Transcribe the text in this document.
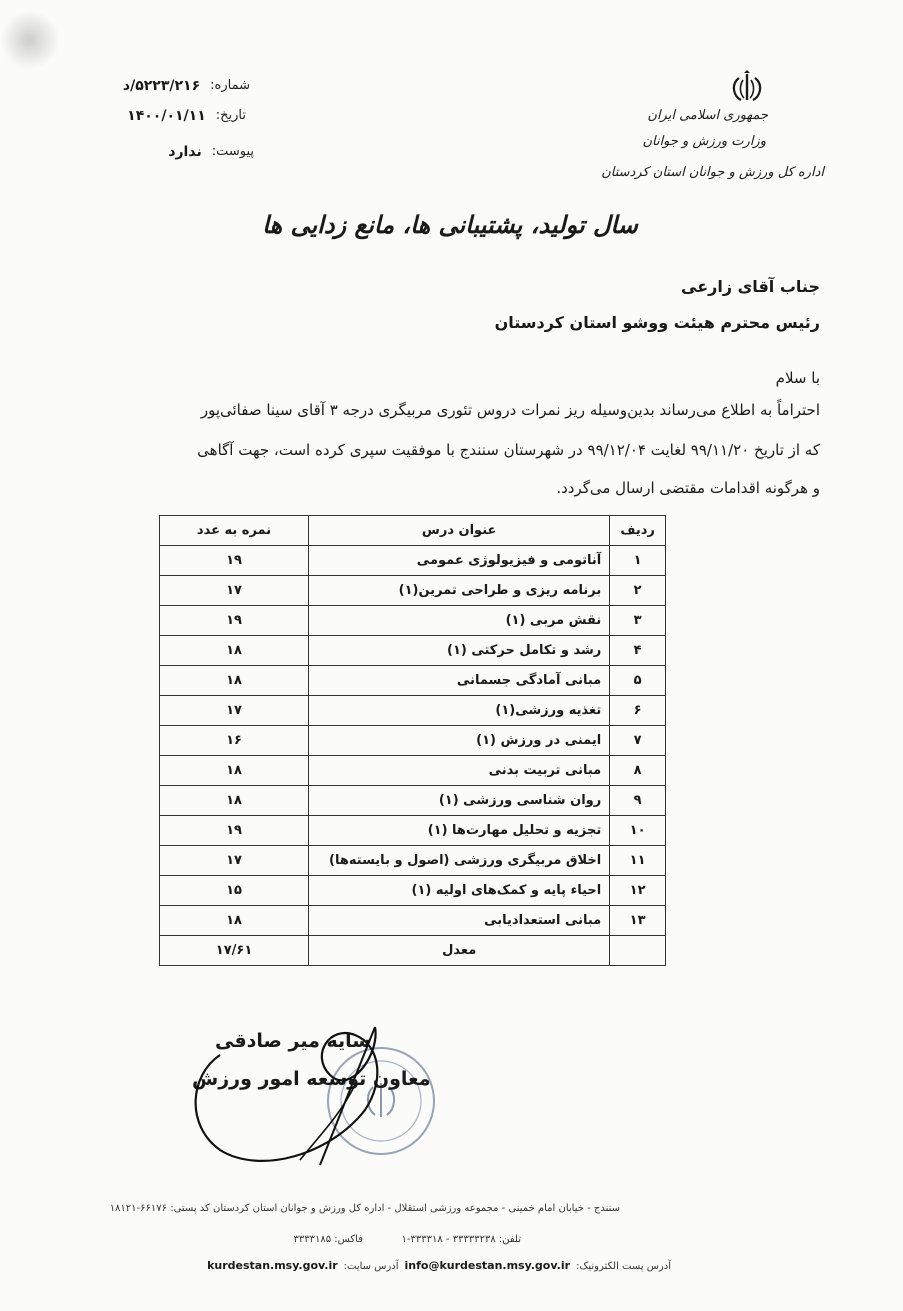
جمهوری اسلامی ایران
وزارت ورزش و جوانان
اداره کل ورزش و جوانان استان کردستان
شماره:
۵۲۲۳/۲۱۶/د
تاریخ:
۱۴۰۰/۰۱/۱۱
پیوست:
ندارد
سال تولید، پشتیبانی ها، مانع زدایی ها
جناب آقای زارعی
رئیس محترم هیئت ووشو استان کردستان
با سلام
احتراماً به اطلاع می‌رساند بدین‌وسیله ریز نمرات دروس تئوری مربیگری درجه ۳ آقای سینا صفائی‌پور
که از تاریخ ۹۹/۱۱/۲۰ لغایت ۹۹/۱۲/۰۴ در شهرستان سنندج با موفقیت سپری کرده است، جهت آگاهی
و هرگونه اقدامات مقتضی ارسال می‌گردد.
ردیف	عنوان درس	نمره به عدد
۱	آناتومی و فیزیولوژی عمومی	۱۹
۲	برنامه ریزی و طراحی تمرین(۱)	۱۷
۳	نقش مربی (۱)	۱۹
۴	رشد و تکامل حرکتی (۱)	۱۸
۵	مبانی آمادگی جسمانی	۱۸
۶	تغذیه ورزشی(۱)	۱۷
۷	ایمنی در ورزش (۱)	۱۶
۸	مبانی تربیت بدنی	۱۸
۹	روان شناسی ورزشی (۱)	۱۸
۱۰	تجزیه و تحلیل مهارت‌ها (۱)	۱۹
۱۱	اخلاق مربیگری ورزشی (اصول و بایسته‌ها)	۱۷
۱۲	احیاء پایه و کمک‌های اولیه (۱)	۱۵
۱۳	مبانی استعدادیابی	۱۸
	معدل	۱۷/۶۱
سایه میر صادقی
معاون توسعه امور ورزش
سنندج - خیابان امام خمینی - مجموعه ورزشی استقلال - اداره کل ورزش و جوانان استان کردستان کد پستی: ۶۶۱۷۶-۱۸۱۲۱
تلفن: ۳۳۳۳۳۲۳۸ - ۳۳۳۳۱۸-۱
فاکس: ۳۳۳۳۱۸۵
آدرس پست الکترونیک:
info@kurdestan.msy.gov.ir
آدرس سایت:
kurdestan.msy.gov.ir
